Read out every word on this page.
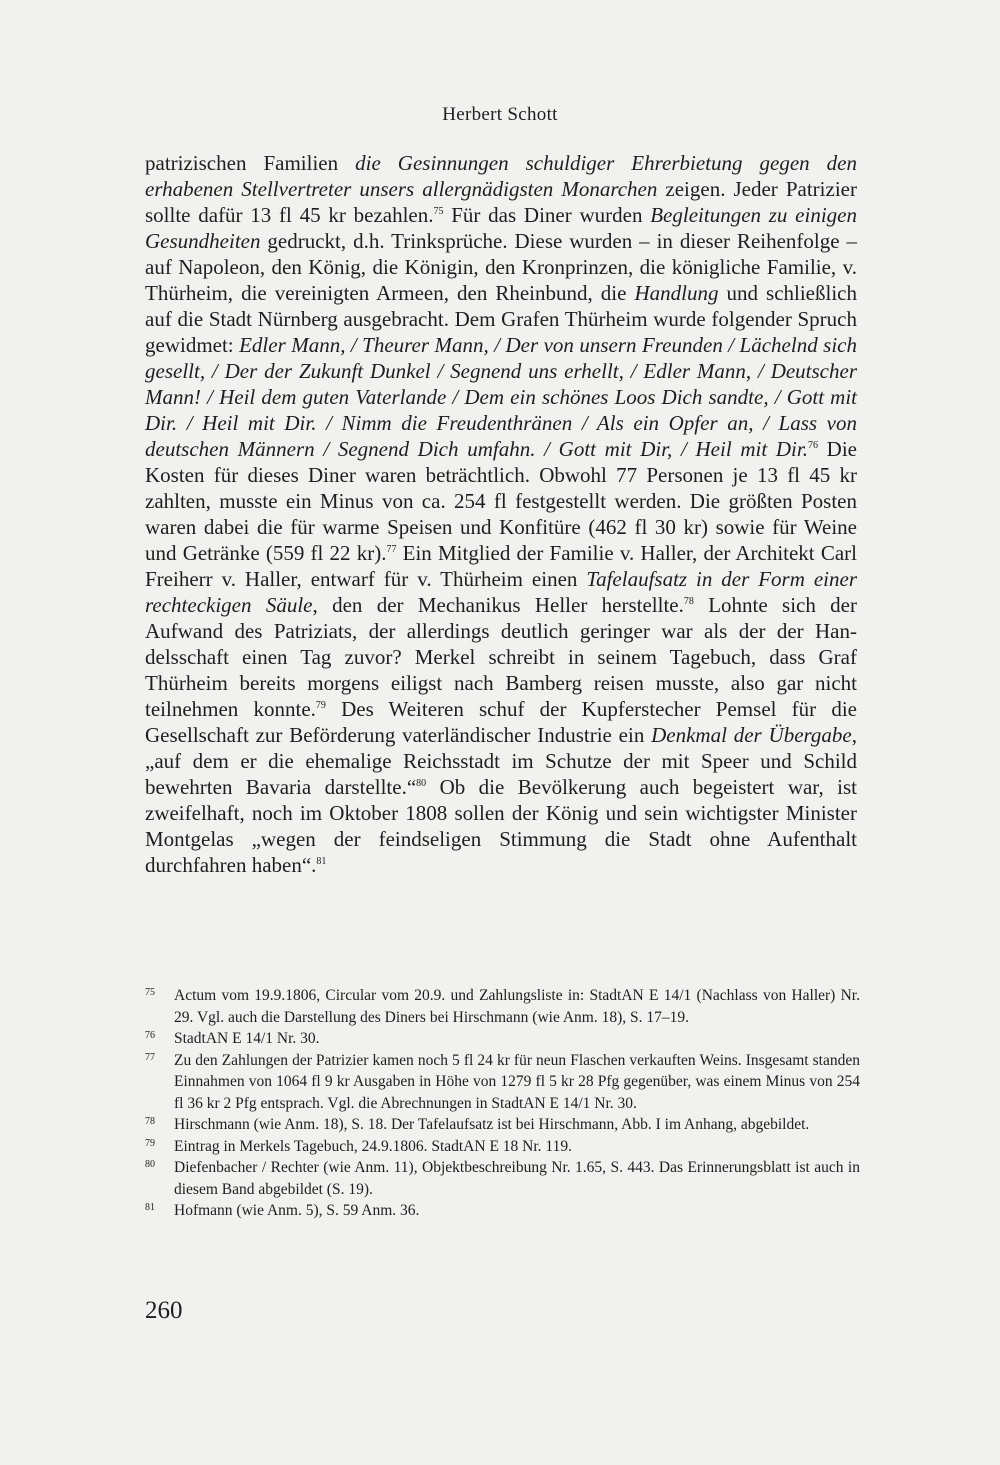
Herbert Schott
patrizischen Familien die Gesinnungen schuldiger Ehrerbietung gegen den erhabenen Stellvertreter unsers allergnädigsten Monarchen zeigen. Jeder Patrizier sollte dafür 13 fl 45 kr bezahlen.$^{75}$ Für das Diner wurden Begleitungen zu einigen Gesundheiten gedruckt, d.h. Trinksprüche. Diese wurden – in dieser Reihenfolge – auf Napoleon, den König, die Königin, den Kronprinzen, die königliche Familie, v. Thürheim, die vereinigten Armeen, den Rheinbund, die Handlung und schließlich auf die Stadt Nürnberg ausgebracht. Dem Grafen Thürheim wurde folgender Spruch gewidmet: Edler Mann, / Theurer Mann, / Der von unsern Freunden / Lächelnd sich gesellt, / Der der Zukunft Dunkel / Segnend uns erhellt, / Edler Mann, / Deutscher Mann! / Heil dem guten Vaterlande / Dem ein schönes Loos Dich sandte, / Gott mit Dir. / Heil mit Dir. / Nimm die Freudenthränen / Als ein Opfer an, / Lass von deutschen Männern / Segnend Dich umfahn. / Gott mit Dir, / Heil mit Dir.$^{76}$ Die Kosten für dieses Diner waren beträchtlich. Obwohl 77 Personen je 13 fl 45 kr zahlten, musste ein Minus von ca. 254 fl festgestellt werden. Die größten Posten waren dabei die für warme Speisen und Konfitüre (462 fl 30 kr) sowie für Weine und Getränke (559 fl 22 kr).$^{77}$ Ein Mitglied der Familie v. Haller, der Architekt Carl Freiherr v. Haller, entwarf für v. Thürheim einen Tafelaufsatz in der Form einer rechteckigen Säule, den der Mechanikus Heller herstellte.$^{78}$ Lohnte sich der Aufwand des Patriziats, der allerdings deutlich geringer war als der der Handelsschaft einen Tag zuvor? Merkel schreibt in seinem Tagebuch, dass Graf Thürheim bereits morgens eiligst nach Bamberg reisen musste, also gar nicht teilnehmen konnte.$^{79}$ Des Weiteren schuf der Kupferstecher Pemsel für die Gesellschaft zur Beförderung vaterländischer Industrie ein Denkmal der Übergabe, „auf dem er die ehemalige Reichsstadt im Schutze der mit Speer und Schild bewehrten Bavaria darstellte.“$^{80}$ Ob die Bevölkerung auch begeistert war, ist zweifelhaft, noch im Oktober 1808 sollen der König und sein wichtigster Minister Montgelas „wegen der feindseligen Stimmung die Stadt ohne Aufenthalt durchfahren haben“.$^{81}$
75	Actum vom 19.9.1806, Circular vom 20.9. und Zahlungsliste in: StadtAN E 14/1 (Nachlass von Haller) Nr. 29. Vgl. auch die Darstellung des Diners bei Hirschmann (wie Anm. 18), S. 17–19.
76	StadtAN E 14/1 Nr. 30.
77	Zu den Zahlungen der Patrizier kamen noch 5 fl 24 kr für neun Flaschen verkauften Weins. Insgesamt standen Einnahmen von 1064 fl 9 kr Ausgaben in Höhe von 1279 fl 5 kr 28 Pfg gegenüber, was einem Minus von 254 fl 36 kr 2 Pfg entsprach. Vgl. die Abrechnungen in StadtAN E 14/1 Nr. 30.
78	Hirschmann (wie Anm. 18), S. 18. Der Tafelaufsatz ist bei Hirschmann, Abb. I im Anhang, abgebildet.
79	Eintrag in Merkels Tagebuch, 24.9.1806. StadtAN E 18 Nr. 119.
80	Diefenbacher / Rechter (wie Anm. 11), Objektbeschreibung Nr. 1.65, S. 443. Das Erinnerungsblatt ist auch in diesem Band abgebildet (S. 19).
81	Hofmann (wie Anm. 5), S. 59 Anm. 36.
260
